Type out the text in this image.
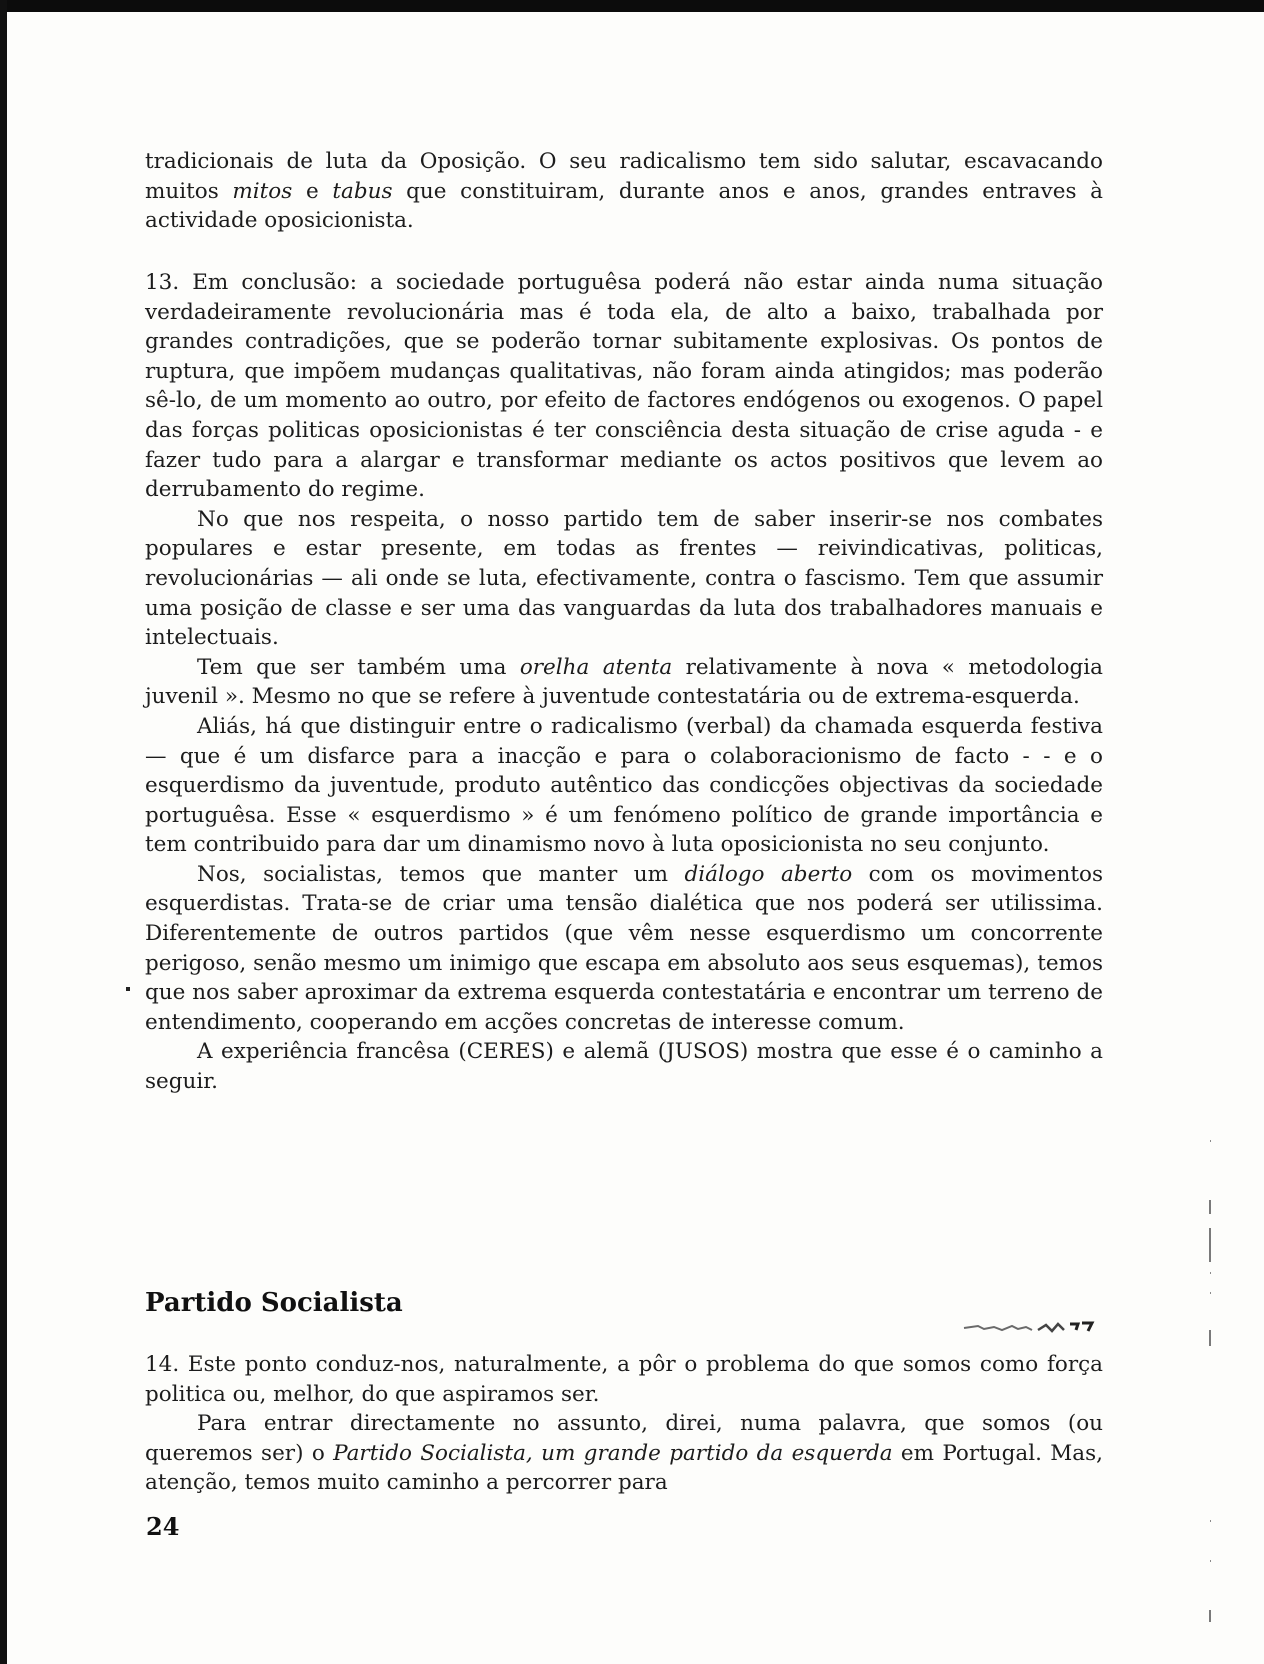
tradicionais de luta da Oposição. O seu radicalismo tem sido salutar, escavacando muitos mitos e tabus que constituiram, durante anos e anos, grandes entraves à actividade oposicionista.

13. Em conclusão: a sociedade portuguêsa poderá não estar ainda numa situação verdadeiramente revolucionária mas é toda ela, de alto a baixo, trabalhada por grandes contradições, que se poderão tornar subitamente explosivas. Os pontos de ruptura, que impõem mudanças qualitativas, não foram ainda atingidos; mas poderão sê-lo, de um momento ao outro, por efeito de factores endógenos ou exogenos. O papel das forças politicas oposicionistas é ter consciência desta situação de crise aguda - e fazer tudo para a alargar e transformar mediante os actos positivos que levem ao derrubamento do regime.

No que nos respeita, o nosso partido tem de saber inserir-se nos combates populares e estar presente, em todas as frentes — reivindicativas, politicas, revolucionárias — ali onde se luta, efectivamente, contra o fascismo. Tem que assumir uma posição de classe e ser uma das vanguardas da luta dos trabalhadores manuais e intelectuais.

Tem que ser também uma orelha atenta relativamente à nova « metodologia juvenil ». Mesmo no que se refere à juventude contestatária ou de extrema-esquerda.

Aliás, há que distinguir entre o radicalismo (verbal) da chamada esquerda festiva — que é um disfarce para a inacção e para o colaboracionismo de facto - - e o esquerdismo da juventude, produto autêntico das condicções objectivas da sociedade portuguêsa. Esse « esquerdismo » é um fenómeno político de grande importância e tem contribuido para dar um dinamismo novo à luta oposicionista no seu conjunto.

Nos, socialistas, temos que manter um diálogo aberto com os movimentos esquerdistas. Trata-se de criar uma tensão dialética que nos poderá ser utilissima. Diferentemente de outros partidos (que vêm nesse esquerdismo um concorrente perigoso, senão mesmo um inimigo que escapa em absoluto aos seus esquemas), temos que nos saber aproximar da extrema esquerda contestatária e encontrar um terreno de entendimento, cooperando em acções concretas de interesse comum.

A experiência francêsa (CERES) e alemã (JUSOS) mostra que esse é o caminho a seguir.

Partido Socialista

14. Este ponto conduz-nos, naturalmente, a pôr o problema do que somos como força politica ou, melhor, do que aspiramos ser.

Para entrar directamente no assunto, direi, numa palavra, que somos (ou queremos ser) o Partido Socialista, um grande partido da esquerda em Portugal. Mas, atenção, temos muito caminho a percorrer para

24
